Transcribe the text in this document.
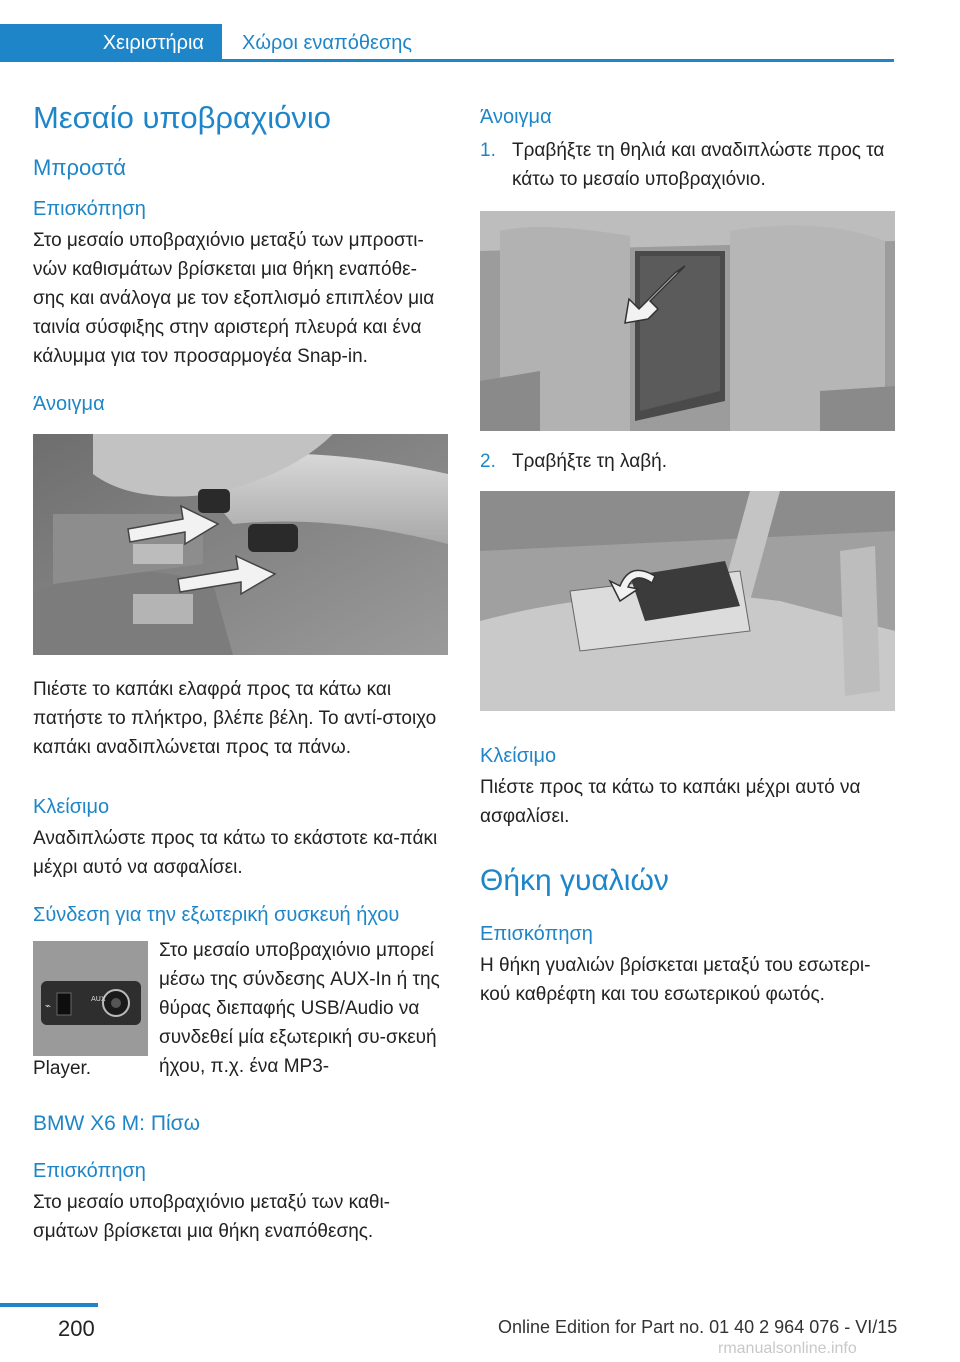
Χειριστήρια	Χώροι εναπόθεσης
Μεσαίο υποβραχιόνιο
Μπροστά
Επισκόπηση

Στο μεσαίο υποβραχιόνιο μεταξύ των μπροστι-νών καθισμάτων βρίσκεται μια θήκη εναπόθε-σης και ανάλογα με τον εξοπλισμό επιπλέον μια ταινία σύσφιξης στην αριστερή πλευρά και ένα κάλυμμα για τον προσαρμογέα Snap-in.

Άνοιγμα

Πιέστε το καπάκι ελαφρά προς τα κάτω και πατήστε το πλήκτρο, βλέπε βέλη. Το αντί-στοιχο καπάκι αναδιπλώνεται προς τα πάνω.

Κλείσιμο

Αναδιπλώστε προς τα κάτω το εκάστοτε κα-πάκι μέχρι αυτό να ασφαλίσει.

Σύνδεση για την εξωτερική συσκευή ήχου
⌁
AUX

Στο μεσαίο υποβραχιόνιο μπορεί μέσω της σύνδεσης AUX-In ή της θύρας διεπαφής USB/Audio να συνδεθεί μία εξωτερική συ-σκευή ήχου, π.χ. ένα MP3-

Player.

BMW X6 M: Πίσω
Επισκόπηση

Στο μεσαίο υποβραχιόνιο μεταξύ των καθι-σμάτων βρίσκεται μια θήκη εναπόθεσης.

Άνοιγμα
1. Τραβήξτε τη θηλιά και αναδιπλώστε προς τα κάτω το μεσαίο υποβραχιόνιο.
2. Τραβήξτε τη λαβή.
Κλείσιμο

Πιέστε προς τα κάτω το καπάκι μέχρι αυτό να ασφαλίσει.

Θήκη γυαλιών
Επισκόπηση

Η θήκη γυαλιών βρίσκεται μεταξύ του εσωτερι-κού καθρέφτη και του εσωτερικού φωτός.

200	Online Edition for Part no. 01 40 2 964 076 - VI/15
rmanualsonline.info
